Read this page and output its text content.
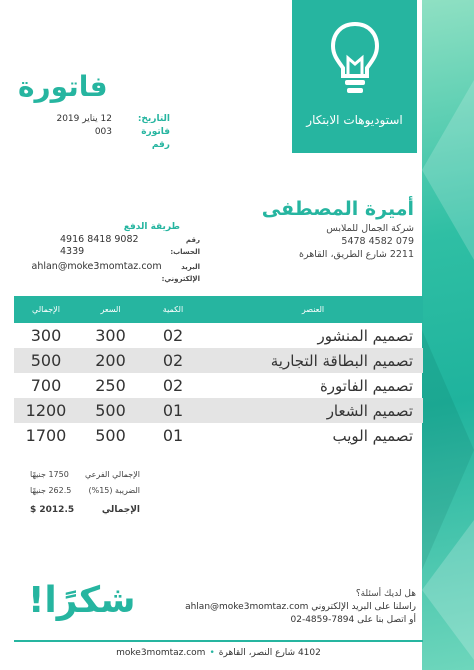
استوديوهات الابتكار
فاتورة
التاريخ:
12 يناير 2019
فاتورة رقم
003
أميرة المصطفى
شركة الجمال للملابس
079 4582 5478
2211 شارع الطريق، القاهرة
طريقة الدفع
رقم الحساب:
4916 8418 9082 4339
البريد الإلكتروني:
ahlan@moke3momtaz.com
العنصر
الكمية
السعر
الإجمالي
تصميم المنشور
02
300
300
تصميم البطاقة التجارية
02
200
500
تصميم الفاتورة
02
250
700
تصميم الشعار
01
500
1200
تصميم الويب
01
500
1700
الإجمالي الفرعي
1750 جنيهًا
الضريبة (15%)
262.5 جنيهًا
الإجمالي
$ 2012.5
شكرًا!	هل لديك أسئلة؟
راسلنا على البريد الإلكتروني ahlan@moke3momtaz.com
أو اتصل بنا على 7894-4859-02
4102 شارع النصر، القاهرة•moke3momtaz.com
